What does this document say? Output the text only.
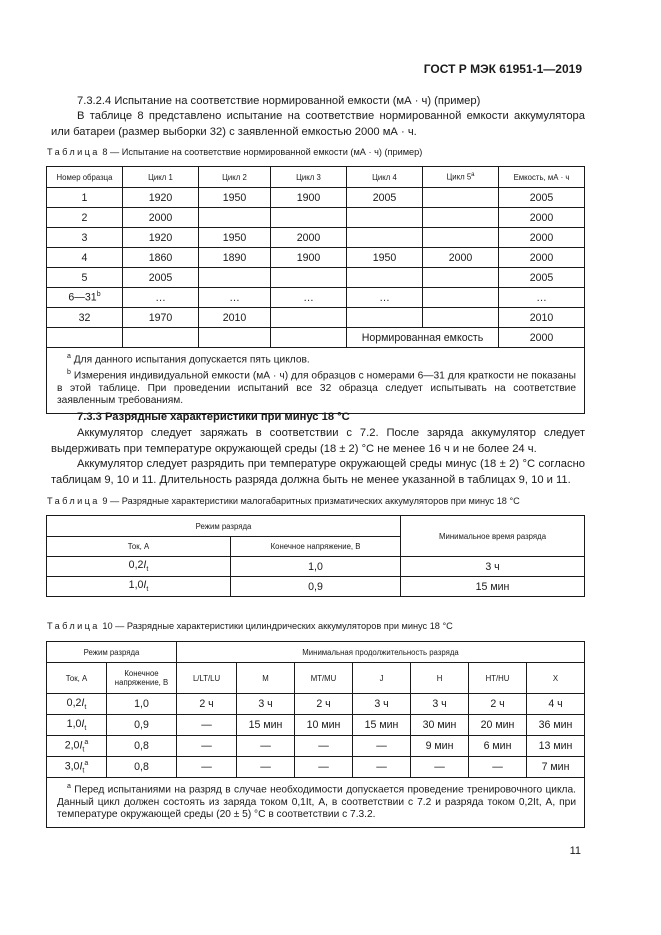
ГОСТ Р МЭК 61951-1—2019
7.3.2.4 Испытание на соответствие нормированной емкости (мА · ч) (пример)
В таблице 8 представлено испытание на соответствие нормированной емкости аккумулятора или батареи (размер выборки 32) с заявленной емкостью 2000 мА · ч.
Таблица 8 — Испытание на соответствие нормированной емкости (мА · ч) (пример)
Номер образца	Цикл 1	Цикл 2	Цикл 3	Цикл 4	Цикл 5$^a$	Емкость, мА · ч
1	1920	1950	1900	2005		2005
2	2000					2000
3	1920	1950	2000			2000
4	1860	1890	1900	1950	2000	2000
5	2005					2005
6—31$^b$	…	…	…	…		…
32	1970	2010				2010
				Нормированная емкость		2000

$^a$ Для данного испытания допускается пять циклов.
$^b$ Измерения индивидуальной емкости (мА · ч) для образцов с номерами 6—31 для краткости не показаны в этой таблице. При проведении испытаний все 32 образца следует испытывать на соответствие заявленным требованиям.						
7.3.3 Разрядные характеристики при минус 18 °С
Аккумулятор следует заряжать в соответствии с 7.2. После заряда аккумулятор следует выдерживать при температуре окружающей среды (18 ± 2) °С не менее 16 ч и не более 24 ч.
Аккумулятор следует разрядить при температуре окружающей среды минус (18 ± 2) °С согласно таблицам 9, 10 и 11. Длительность разряда должна быть не менее указанной в таблицах 9, 10 и 11.
Таблица 9 — Разрядные характеристики малогабаритных призматических аккумуляторов при минус 18 °С
Режим разряда		Минимальное время разряда
Ток, А	Конечное напряжение, В	
$0,2I_t$	1,0	3 ч
$1,0I_t$	0,9	15 мин
Таблица 10 — Разрядные характеристики цилиндрических аккумуляторов при минус 18 °С
Режим разряда		Минимальная продолжительность разряда						
Ток, А	Конечное напряжение, В	L/LT/LU	M	MT/MU	J	H	HT/HU	X
$0,2I_t$	1,0	2 ч	3 ч	2 ч	3 ч	3 ч	2 ч	4 ч
$1,0I_t$	0,9	—	15 мин	10 мин	15 мин	30 мин	20 мин	36 мин
$2,0I_t^a$	0,8	—	—	—	—	9 мин	6 мин	13 мин
$3,0I_t^a$	0,8	—	—	—	—	—	—	7 мин

$^a$ Перед испытаниями на разряд в случае необходимости допускается проведение тренировочного цикла. Данный цикл должен состоять из заряда током 0,1It, А, в соответствии с 7.2 и разряда током 0,2It, А, при температуре окружающей среды (20 ± 5) °С в соответствии с 7.3.2.								
11
